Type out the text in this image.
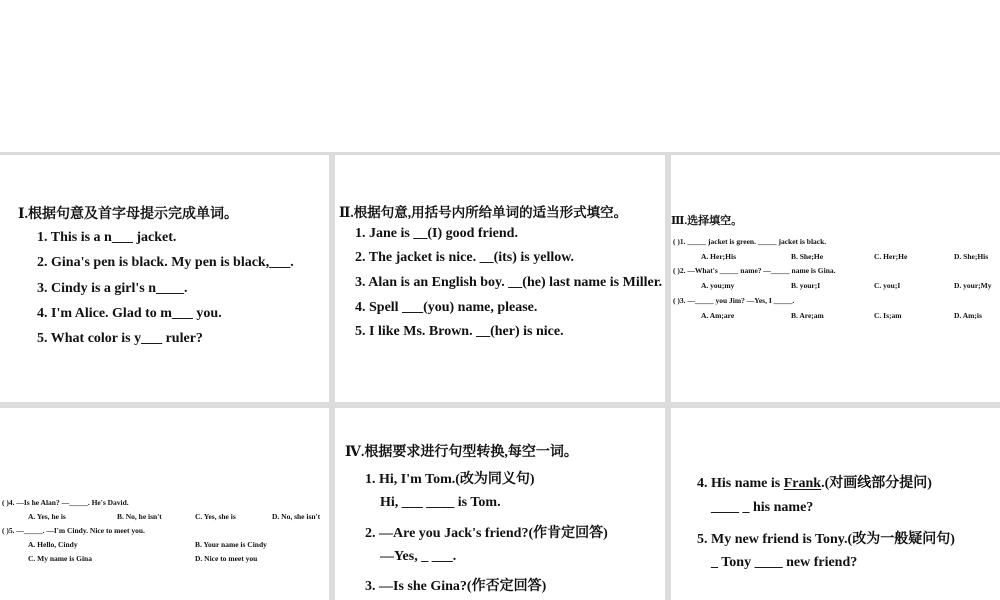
Ⅰ.根据句意及首字母提示完成单词。
1. This is a n___ jacket.
2. Gina's pen is black. My pen is black,___.
3. Cindy is a girl's n____.
4. I'm Alice. Glad to m___ you.
5. What color is y___ ruler?
Ⅱ.根据句意,用括号内所给单词的适当形式填空。
1. Jane is __(I) good friend.
2. The jacket is nice. __(its) is yellow.
3. Alan is an English boy. __(he) last name is Miller.
4. Spell ___(you) name, please.
5. I like Ms. Brown. __(her) is nice.
Ⅲ.选择填空。
( )1. _____ jacket is green. _____ jacket is black.
A. Her;His	B. She;He	C. Her;He	D. She;His
( )2. —What's _____ name? —_____ name is Gina.
A. you;my	B. your;I	C. you;I	D. your;My
( )3. —_____ you Jim? —Yes, I _____.
A. Am;are	B. Are;am	C. Is;am	D. Am;is
( )4. —Is he Alan? —_____. He's David.
A. Yes, he is	B. No, he isn't	C. Yes, she is	D. No, she isn't
( )5. —_____. —I'm Cindy. Nice to meet you.
A. Hello, Cindy	B. Your name is Cindy
C. My name is Gina	D. Nice to meet you
Ⅳ.根据要求进行句型转换,每空一词。
1. Hi, I'm Tom.(改为同义句)
Hi, ___ ____ is Tom.
2. —Are you Jack's friend?(作肯定回答)
—Yes, _ ___.
3. —Is she Gina?(作否定回答)
4. His name is Frank.(对画线部分提问)
____ _ his name?
5. My new friend is Tony.(改为一般疑问句)
_ Tony ____ new friend?
